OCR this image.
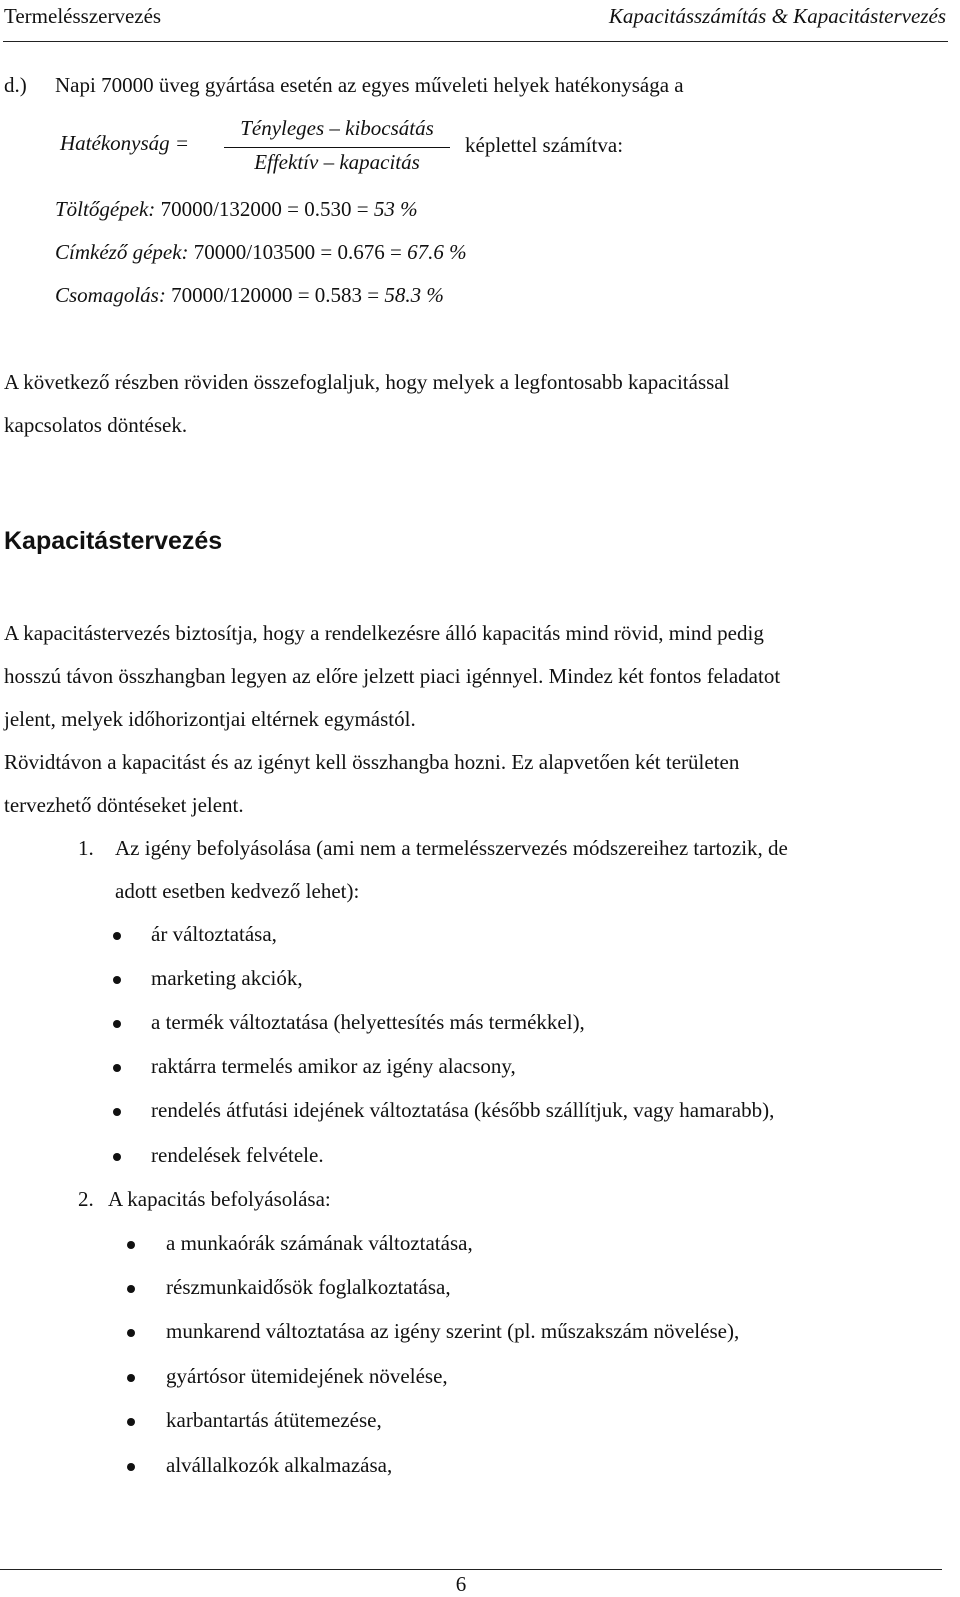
Termelésszervezés	Kapacitásszámítás & Kapacitástervezés
d.) Napi 70000 üveg gyártása esetén az egyes műveleti helyek hatékonysága a
Hatékonyság =
Tényleges – kibocsátás
Effektív – kapacitás
képlettel számítva:
Töltőgépek: 70000/132000 = 0.530 = 53 %
Címkéző gépek: 70000/103500 = 0.676 = 67.6 %
Csomagolás: 70000/120000 = 0.583 = 58.3 %
A következő részben röviden összefoglaljuk, hogy melyek a legfontosabb kapacitással
kapcsolatos döntések.
Kapacitástervezés
A kapacitástervezés biztosítja, hogy a rendelkezésre álló kapacitás mind rövid, mind pedig
hosszú távon összhangban legyen az előre jelzett piaci igénnyel. Mindez két fontos feladatot
jelent, melyek időhorizontjai eltérnek egymástól.
Rövidtávon a kapacitást és az igényt kell összhangba hozni. Ez alapvetően két területen
tervezhető döntéseket jelent.
1. Az igény befolyásolása (ami nem a termelésszervezés módszereihez tartozik, de
adott esetben kedvező lehet):
ár változtatása,
marketing akciók,
a termék változtatása (helyettesítés más termékkel),
raktárra termelés amikor az igény alacsony,
rendelés átfutási idejének változtatása (később szállítjuk, vagy hamarabb),
rendelések felvétele.
2. A kapacitás befolyásolása:
a munkaórák számának változtatása,
részmunkaidősök foglalkoztatása,
munkarend változtatása az igény szerint (pl. műszakszám növelése),
gyártósor ütemidejének növelése,
karbantartás átütemezése,
alvállalkozók alkalmazása,
6
